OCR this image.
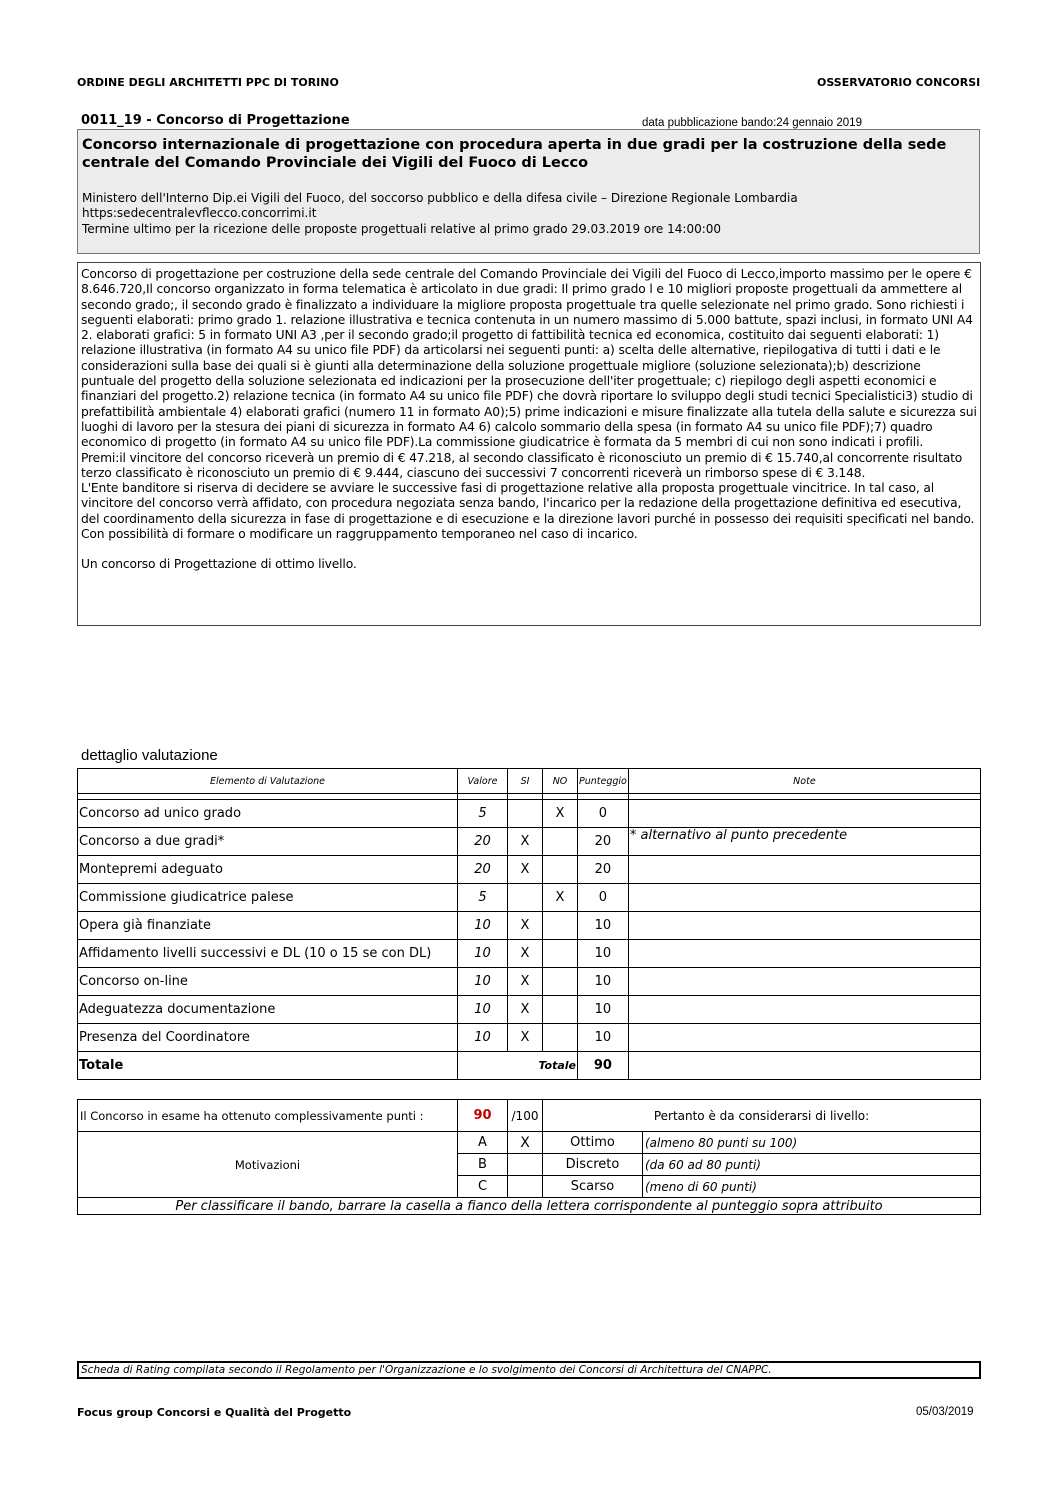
ORDINE DEGLI ARCHITETTI PPC DI TORINO	OSSERVATORIO CONCORSI
0011_19 - Concorso di Progettazione	data pubblicazione bando:24 gennaio 2019
Concorso internazionale di progettazione con procedura aperta in due gradi per la costruzione della sede centrale del Comando Provinciale dei Vigili del Fuoco di Lecco
Ministero dell'Interno Dip.ei Vigili del Fuoco, del soccorso pubblico e della difesa civile – Direzione Regionale Lombardia
https:sedecentralevflecco.concorrimi.it
Termine ultimo per la ricezione delle proposte progettuali relative al primo grado 29.03.2019 ore 14:00:00

Concorso di progettazione per costruzione della sede centrale del Comando Provinciale dei Vigili del Fuoco di Lecco,importo massimo per le opere € 8.646.720,Il concorso organizzato in forma telematica è articolato in due gradi: Il primo grado l e 10 migliori proposte progettuali da ammettere al secondo grado;, il secondo grado è finalizzato a individuare la migliore proposta progettuale tra quelle selezionate nel primo grado. Sono richiesti i seguenti elaborati: primo grado 1. relazione illustrativa e tecnica contenuta in un numero massimo di 5.000 battute, spazi inclusi, in formato UNI A4 2. elaborati grafici: 5 in formato UNI A3 ,per il secondo grado;il progetto di fattibilità tecnica ed economica, costituito dai seguenti elaborati: 1) relazione illustrativa (in formato A4 su unico file PDF) da articolarsi nei seguenti punti: a) scelta delle alternative, riepilogativa di tutti i dati e le considerazioni sulla base dei quali si è giunti alla determinazione della soluzione progettuale migliore (soluzione selezionata);b) descrizione puntuale del progetto della soluzione selezionata ed indicazioni per la prosecuzione dell'iter progettuale; c) riepilogo degli aspetti economici e finanziari del progetto.2) relazione tecnica (in formato A4 su unico file PDF) che dovrà riportare lo sviluppo degli studi tecnici Specialistici3) studio di prefattibilità ambientale 4) elaborati grafici (numero 11 in formato A0);5) prime indicazioni e misure finalizzate alla tutela della salute e sicurezza sui luoghi di lavoro per la stesura dei piani di sicurezza in formato A4 6) calcolo sommario della spesa (in formato A4 su unico file PDF);7) quadro economico di progetto (in formato A4 su unico file PDF).La commissione giudicatrice è formata da 5 membri di cui non sono indicati i profili.

Premi:il vincitore del concorso riceverà un premio di € 47.218, al secondo classificato è riconosciuto un premio di € 15.740,al concorrente risultato terzo classificato è riconosciuto un premio di € 9.444, ciascuno dei successivi 7 concorrenti riceverà un rimborso spese di € 3.148.

L'Ente banditore si riserva di decidere se avviare le successive fasi di progettazione relative alla proposta progettuale vincitrice. In tal caso, al vincitore del concorso verrà affidato, con procedura negoziata senza bando, l'incarico per la redazione della progettazione definitiva ed esecutiva, del coordinamento della sicurezza in fase di progettazione e di esecuzione e la direzione lavori purché in possesso dei requisiti specificati nel bando. Con possibilità di formare o modificare un raggruppamento temporaneo nel caso di incarico.

Un concorso di Progettazione di ottimo livello.

dettaglio valutazione
Elemento di Valutazione	Valore	SI	NO	Punteggio	Note

Concorso ad unico grado	5		X	0	
Concorso a due gradi*	20	X		20	* alternativo al punto precedente
Montepremi adeguato	20	X		20	
Commissione giudicatrice palese	5		X	0	
Opera già finanziate	10	X		10	
Affidamento livelli successivi e DL (10 o 15 se con DL)	10	X		10	
Concorso on-line	10	X		10	
Adeguatezza documentazione	10	X		10	
Presenza del Coordinatore	10	X		10	
Totale	Totale			90	
Il Concorso in esame ha ottenuto complessivamente punti :	90	/100	Pertanto è da considerarsi di livello:	
Motivazioni	A	X	Ottimo	(almeno 80 punti su 100)
	B		Discreto	(da 60 ad 80 punti)
	C		Scarso	(meno di 60 punti)
Per classificare il bando, barrare la casella a fianco della lettera corrispondente al punteggio sopra attribuito				
Scheda di Rating compilata secondo il Regolamento per l'Organizzazione e lo svolgimento dei Concorsi di Architettura del CNAPPC.
Focus group Concorsi e Qualità del Progetto	05/03/2019
